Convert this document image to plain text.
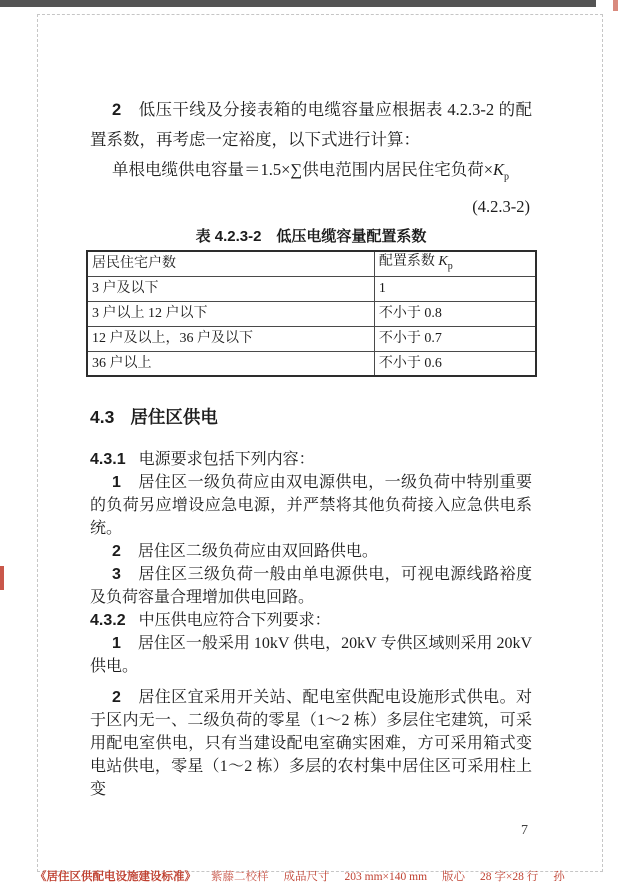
2 低压干线及分接表箱的电缆容量应根据表 4.2.3-2 的配置系数，再考虑一定裕度，以下式进行计算：

单根电缆供电容量＝1.5×∑供电范围内居民住宅负荷$\times K_p$

(4.2.3-2)

表 4.2.3-2　低压电缆容量配置系数
居民住宅户数	配置系数 $K_p$
3 户及以下	1
3 户以上 12 户以下	不小于 0.8
12 户及以上，36 户及以下	不小于 0.7
36 户以上	不小于 0.6
4.3 居住区供电

4.3.1 电源要求包括下列内容：

1 居住区一级负荷应由双电源供电，一级负荷中特别重要的负荷另应增设应急电源，并严禁将其他负荷接入应急供电系统。

2 居住区二级负荷应由双回路供电。

3 居住区三级负荷一般由单电源供电，可视电源线路裕度及负荷容量合理增加供电回路。

4.3.2 中压供电应符合下列要求：

1 居住区一般采用 10kV 供电，20kV 专供区域则采用 20kV 供电。

2 居住区宜采用开关站、配电室供配电设施形式供电。对于区内无一、二级负荷的零星（1～2 栋）多层住宅建筑，可采用配电室供电，只有当建设配电室确实困难，方可采用箱式变电站供电，零星（1～2 栋）多层的农村集中居住区可采用柱上变

7
《居住区供配电设施建设标准》 紫藤二校样 成品尺寸 203 mm×140 mm 版心 28 字×28 行 孙
